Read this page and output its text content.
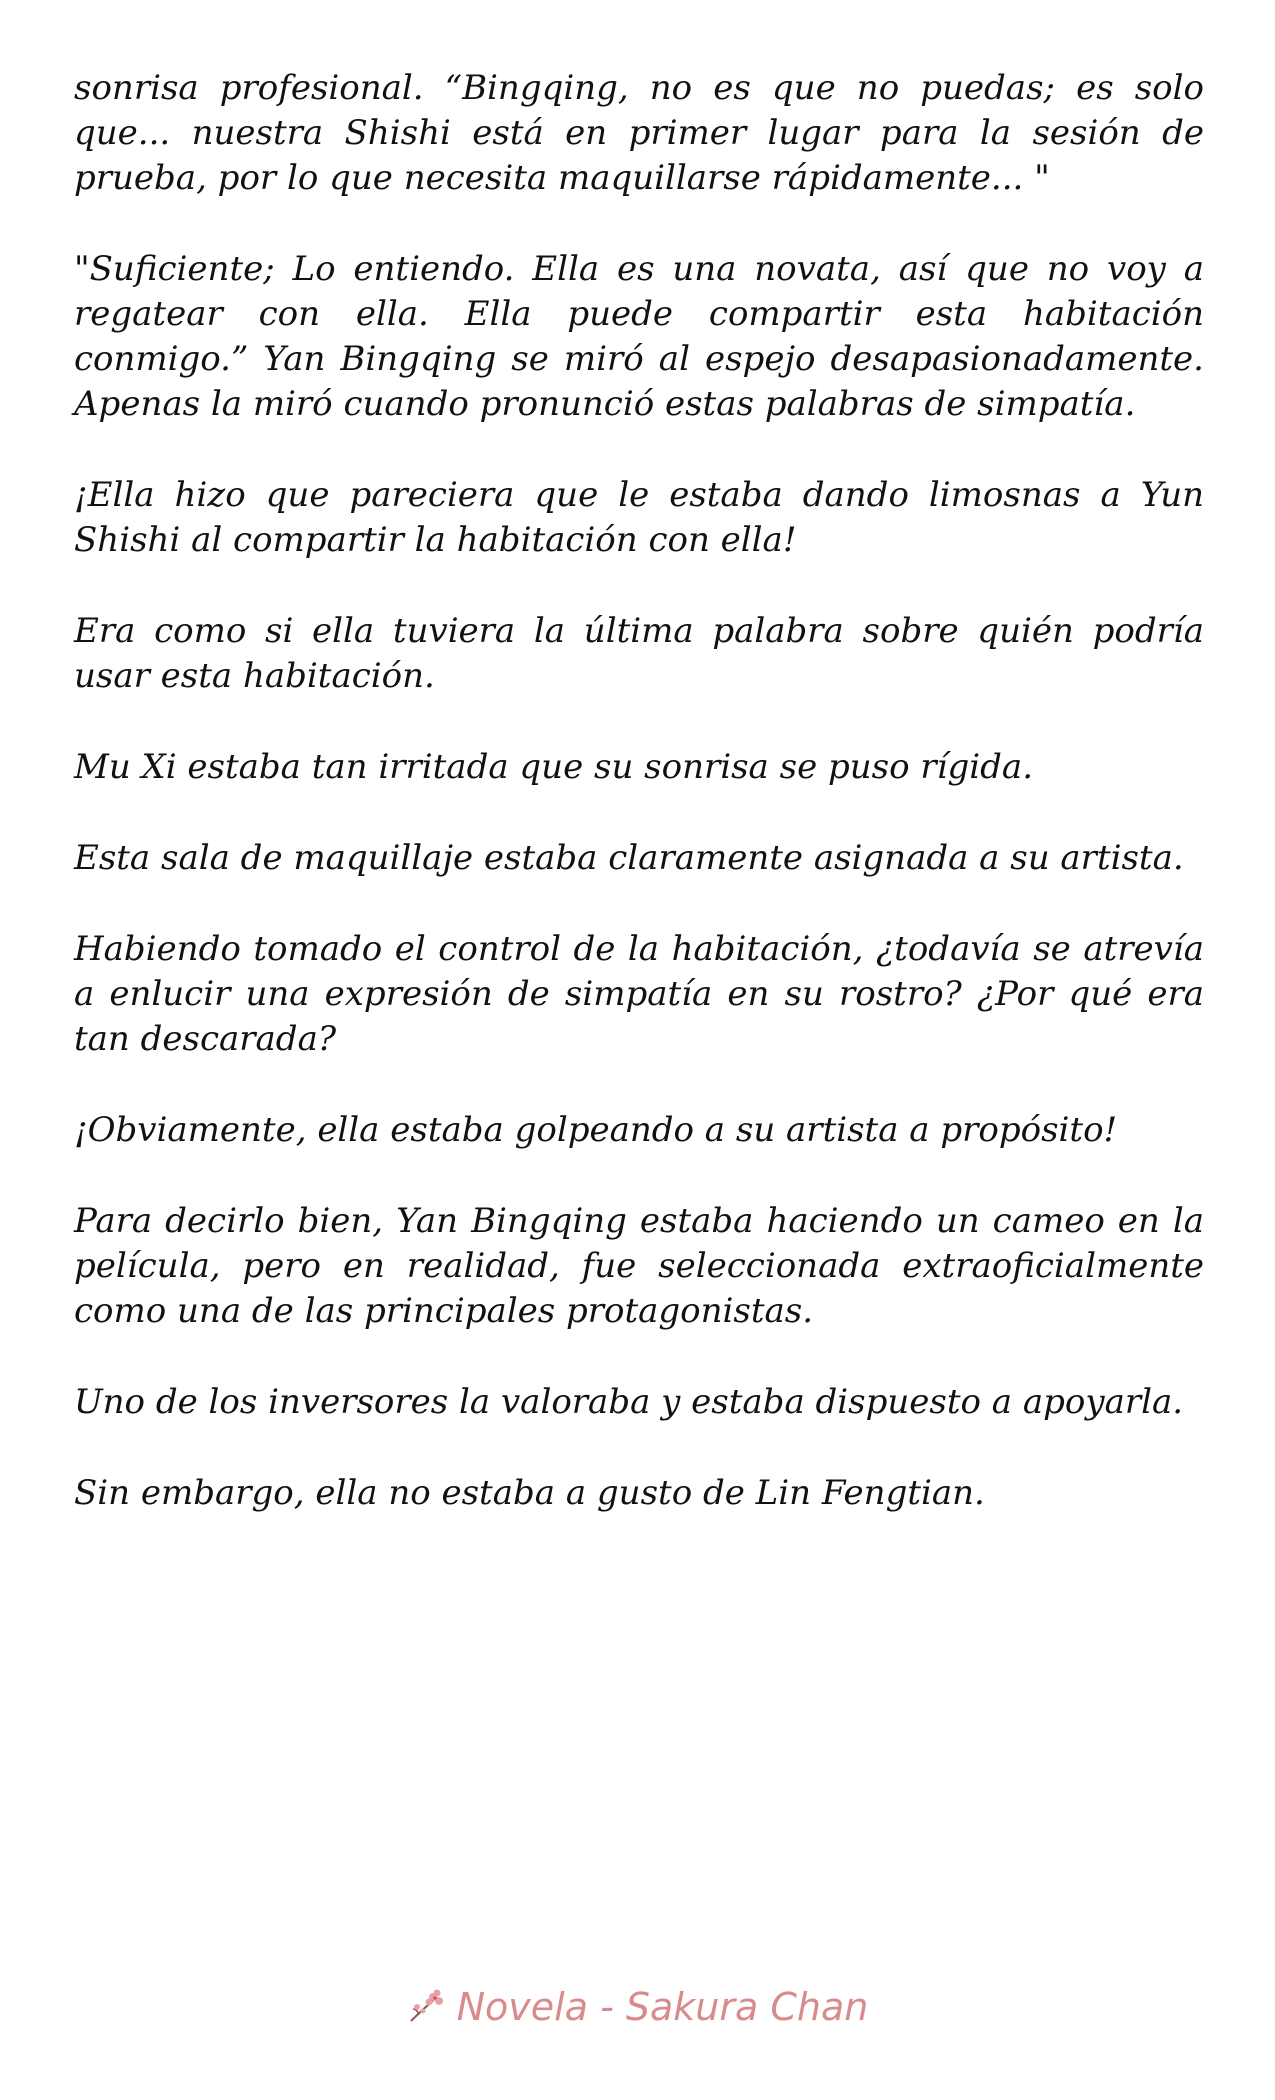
sonrisa profesional. “Bingqing, no es que no puedas; es solo que... nuestra Shishi está en primer lugar para la sesión de prueba, por lo que necesita maquillarse rápidamente... "

"Suficiente; Lo entiendo. Ella es una novata, así que no voy a regatear con ella. Ella puede compartir esta habitación conmigo.” Yan Bingqing se miró al espejo desapasionadamente. Apenas la miró cuando pronunció estas palabras de simpatía.

¡Ella hizo que pareciera que le estaba dando limosnas a Yun Shishi al compartir la habitación con ella!

Era como si ella tuviera la última palabra sobre quién podría usar esta habitación.

Mu Xi estaba tan irritada que su sonrisa se puso rígida.

Esta sala de maquillaje estaba claramente asignada a su artista.

Habiendo tomado el control de la habitación, ¿todavía se atrevía a enlucir una expresión de simpatía en su rostro? ¿Por qué era tan descarada?

¡Obviamente, ella estaba golpeando a su artista a propósito!

Para decirlo bien, Yan Bingqing estaba haciendo un cameo en la película, pero en realidad, fue seleccionada extraoficialmente como una de las principales protagonistas.

Uno de los inversores la valoraba y estaba dispuesto a apoyarla.

Sin embargo, ella no estaba a gusto de Lin Fengtian.

Novela - Sakura Chan
